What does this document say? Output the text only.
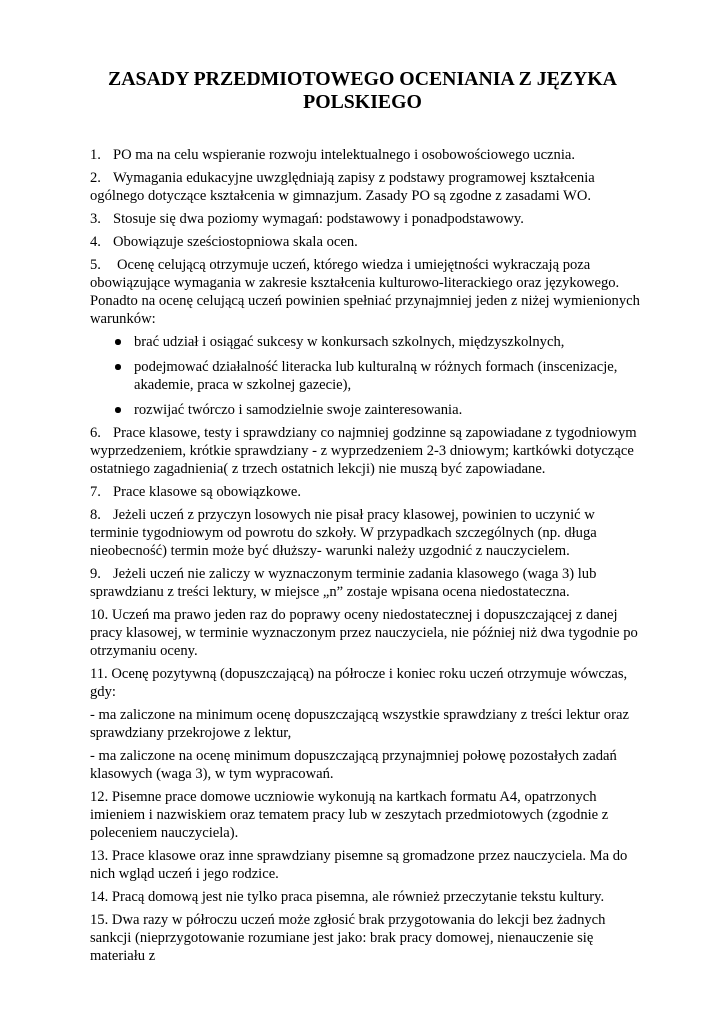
ZASADY PRZEDMIOTOWEGO OCENIANIA Z JĘZYKA POLSKIEGO

1. PO ma na celu wspieranie rozwoju intelektualnego i osobowościowego ucznia.

2. Wymagania edukacyjne uwzględniają zapisy z podstawy programowej kształcenia ogólnego dotyczące kształcenia w gimnazjum. Zasady PO są zgodne z zasadami WO.

3. Stosuje się dwa poziomy wymagań: podstawowy i ponadpodstawowy.

4. Obowiązuje sześciostopniowa skala ocen.

5. Ocenę celującą otrzymuje uczeń, którego wiedza i umiejętności wykraczają poza obowiązujące wymagania w zakresie kształcenia kulturowo-literackiego oraz językowego. Ponadto na ocenę celującą uczeń powinien spełniać przynajmniej jeden z niżej wymienionych warunków:

brać udział i osiągać sukcesy w konkursach szkolnych, międzyszkolnych,
podejmować działalność literacka lub kulturalną w różnych formach (inscenizacje, akademie, praca w szkolnej gazecie),
rozwijać twórczo i samodzielnie swoje zainteresowania.

6. Prace klasowe, testy i sprawdziany co najmniej godzinne są zapowiadane z tygodniowym wyprzedzeniem, krótkie sprawdziany - z wyprzedzeniem 2-3 dniowym; kartkówki dotyczące ostatniego zagadnienia( z trzech ostatnich lekcji) nie muszą być zapowiadane.

7. Prace klasowe są obowiązkowe.

8. Jeżeli uczeń z przyczyn losowych nie pisał pracy klasowej, powinien to uczynić w terminie tygodniowym od powrotu do szkoły. W przypadkach szczególnych (np. długa nieobecność) termin może być dłuższy- warunki należy uzgodnić z nauczycielem.

9. Jeżeli uczeń nie zaliczy w wyznaczonym terminie zadania klasowego (waga 3) lub sprawdzianu z treści lektury, w miejsce „n” zostaje wpisana ocena niedostateczna.

10. Uczeń ma prawo jeden raz do poprawy oceny niedostatecznej i dopuszczającej z danej pracy klasowej, w terminie wyznaczonym przez nauczyciela, nie później niż dwa tygodnie po otrzymaniu oceny.

11. Ocenę pozytywną (dopuszczającą) na półrocze i koniec roku uczeń otrzymuje wówczas, gdy:

- ma zaliczone na minimum ocenę dopuszczającą wszystkie sprawdziany z treści lektur oraz sprawdziany przekrojowe z lektur,

- ma zaliczone na ocenę minimum dopuszczającą przynajmniej połowę pozostałych zadań klasowych (waga 3), w tym wypracowań.

12. Pisemne prace domowe uczniowie wykonują na kartkach formatu A4, opatrzonych imieniem i nazwiskiem oraz tematem pracy lub w zeszytach przedmiotowych (zgodnie z poleceniem nauczyciela).

13. Prace klasowe oraz inne sprawdziany pisemne są gromadzone przez nauczyciela. Ma do nich wgląd uczeń i jego rodzice.

14. Pracą domową jest nie tylko praca pisemna, ale również przeczytanie tekstu kultury.

15. Dwa razy w półroczu uczeń może zgłosić brak przygotowania do lekcji bez żadnych sankcji (nieprzygotowanie rozumiane jest jako: brak pracy domowej, nienauczenie się materiału z
